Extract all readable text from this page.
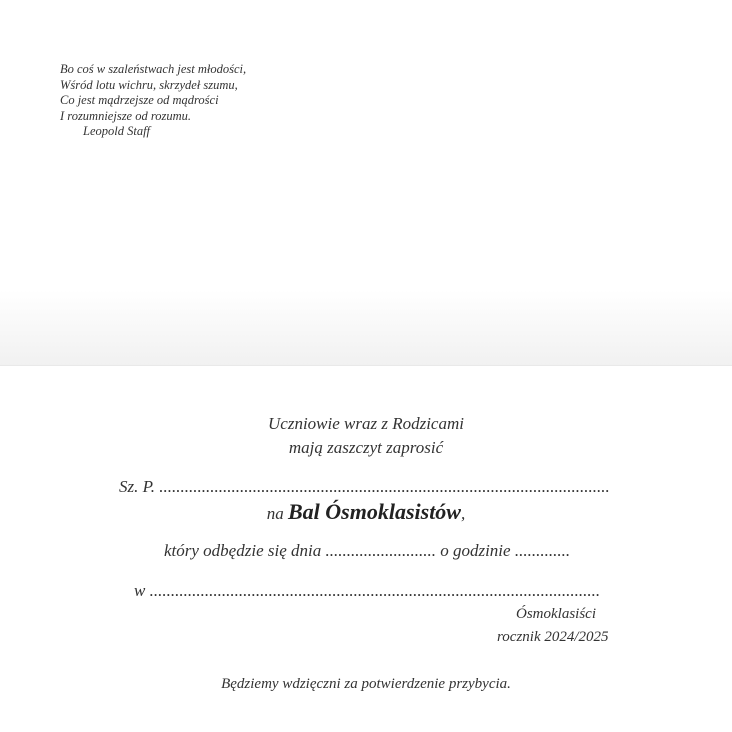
Bo coś w szaleństwach jest młodości,
Wśród lotu wichru, skrzydeł szumu,
Co jest mądrzejsze od mądrości
I rozumniejsze od rozumu.
Leopold Staff
Uczniowie wraz z Rodzicami
mają zaszczyt zaprosić
Sz. P. ..........................................................................................................
na Bal Ósmoklasistów,
który odbędzie się dnia .......................... o godzinie .............
w ..........................................................................................................
Ósmoklasiści
rocznik 2024/2025
Będziemy wdzięczni za potwierdzenie przybycia.
